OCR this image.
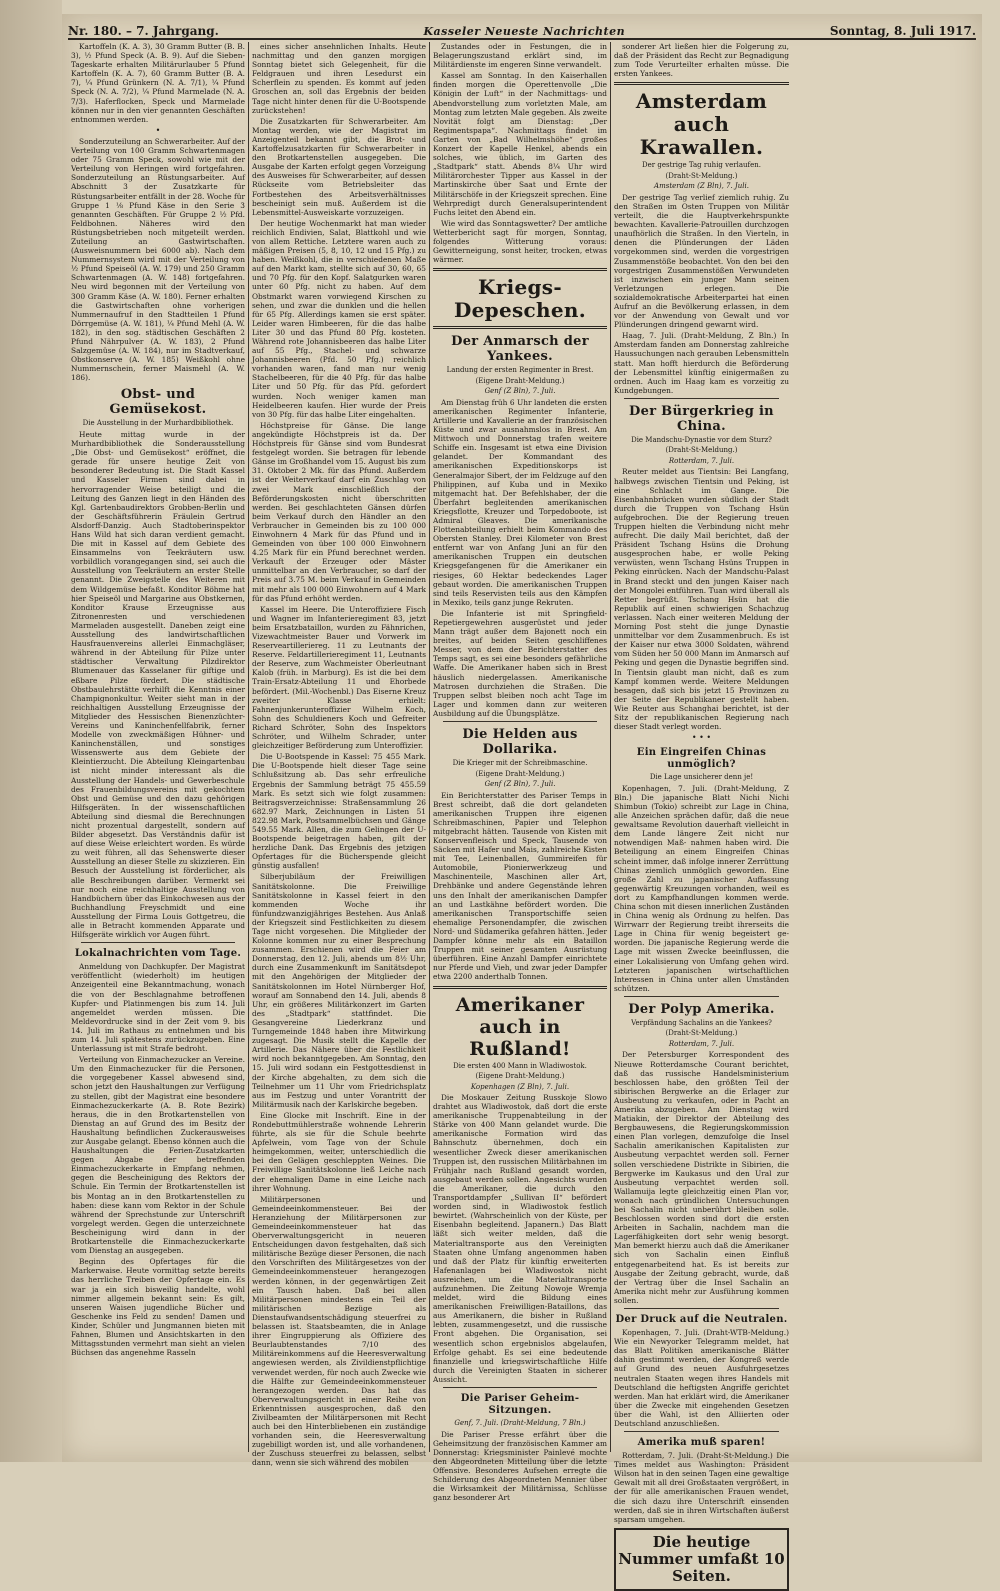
Nr. 180. – 7. Jahrgang.	Kasseler Neueste Nachrichten	Sonntag, 8. Juli 1917.

Kartoffeln (K. A. 3), 30 Gramm Butter (B. B. 3), ½ Pfund Speck (A. B. 9). Auf die Sieben-Tageskarte erhalten Militärurlauber 5 Pfund Kartoffeln (K. A. 7), 60 Gramm Butter (B. A. 7), ¼ Pfund Grünkern (N. A. 7/1), ¼ Pfund Speck (N. A. 7/2), ¼ Pfund Marmelade (N. A. 7/3). Haferflocken, Speck und Marmelade können nur in den vier genannten Geschäften entnommen werden.

•

Sonderzuteilung an Schwerarbeiter. Auf der Verteilung von 100 Gramm Schwartenmagen oder 75 Gramm Speck, sowohl wie mit der Verteilung von Heringen wird fortgefahren. Sonderzuteilung an Rüstungsarbeiter. Auf Abschnitt 3 der Zusatzkarte für Rüstungsarbeiter entfällt in der 28. Woche für Gruppe 1 ⅛ Pfund Käse in den Serie 3 genannten Geschäften. Für Gruppe 2 ½ Pfd. Feldbohnen. Näheres wird den Rüstungsbetrieben noch mitgeteilt werden. Zuteilung an Gastwirtschaften. (Ausweisnummern bei 6000 ab). Nach dem Nummernsystem wird mit der Verteilung von ½ Pfund Speiseöl (A. W. 179) und 250 Gramm Schwartenmagen (A. W. 148) fortgefahren. Neu wird begonnen mit der Verteilung von 300 Gramm Käse (A. W. 180). Ferner erhalten die Gastwirtschaften ohne vorherigen Nummernaufruf in den Stadtteilen 1 Pfund Dörrgemüse (A. W. 181), ¼ Pfund Mehl (A. W. 182), in den sog. städtischen Geschäften 2 Pfund Nährpulver (A. W. 183), 2 Pfund Salzgemüse (A. W. 184), nur im Stadtverkauf, Obstkonserve (A. W. 185) Weißkohl ohne Nummernschein, ferner Maismehl (A. W. 186).

Obst- und Gemüsekost.
Die Ausstellung in der Murhardbibliothek.

Heute mittag wurde in der Murhardbibliothek die Sonderausstellung „Die Obst- und Gemüsekost“ eröffnet, die gerade für unsere heutige Zeit von besonderer Bedeutung ist. Die Stadt Kassel und Kasseler Firmen sind dabei in hervorragender Weise beteiligt und die Leitung des Ganzen liegt in den Händen des Kgl. Gartenbaudirektors Grobben-Berlin und der Geschäftsführerin Fräulein Gertrud Alsdorff-Danzig. Auch Stadtoberinspektor Hans Wild hat sich daran verdient gemacht. Die mit in Kassel auf dem Gebiete des Einsammelns von Teekräutern usw. vorbildlich vorangegangen sind, sei auch die Ausstellung von Teekräutern an erster Stelle genannt. Die Zweigstelle des Weiteren mit dem Wildgemüse befaßt. Konditor Böhme hat hier Speiseöl und Margarine aus Obstkernen, Konditor Krause Erzeugnisse aus Zitronenresten und verschiedenen Marmeladen ausgestellt. Daneben zeigt eine Ausstellung des landwirtschaftlichen Hausfrauenvereins allerlei Einmachgläser, während in der Abteilung für Pilze unter städtischer Verwaltung Pilzdirektor Blumenauer das Kasselaner für giftige und eßbare Pilze fördert. Die städtische Obstbaulehrstätte verhilft die Kenntnis einer Champignonkultur. Weiter sieht man in der reichhaltigen Ausstellung Erzeugnisse der Mitglieder des Hessischen Bienenzüchter-Vereins und Kaninchenfellfabrik, ferner Modelle von zweckmäßigen Hühner- und Kaninchenställen, und sonstiges Wissenswerte aus dem Gebiete der Kleintierzucht. Die Abteilung Kleingartenbau ist nicht minder interessant als die Ausstellung der Handels- und Gewerbeschule des Frauenbildungsvereins mit gekochtem Obst und Gemüse und den dazu gehörigen Hilfsgeräten. In der wissenschaftlichen Abteilung sind diesmal die Berechnungen nicht prozentual dargestellt, sondern auf Bilder abgesetzt. Das Verständnis dafür ist auf diese Weise erleichtert worden. Es würde zu weit führen, all das Sehenswerte dieser Ausstellung an dieser Stelle zu skizzieren. Ein Besuch der Ausstellung ist förderlicher, als alle Beschreibungen darüber. Vermerkt sei nur noch eine reichhaltige Ausstellung von Handbüchern über das Einkochwesen aus der Buchhandlung Freyschmidt und eine Ausstellung der Firma Louis Gottgetreu, die alle in Betracht kommenden Apparate und Hilfsgeräte wirklich vor Augen führt.

Lokalnachrichten vom Tage.

Anmeldung von Dachkupfer. Der Magistrat veröffentlicht (wiederholt) im heutigen Anzeigenteil eine Bekanntmachung, wonach die von der Beschlagnahme betroffenen Kupfer- und Platinmengen bis zum 14. Juli angemeldet werden müssen. Die Meldevordrucke sind in der Zeit vom 9. bis 14. Juli im Rathaus zu entnehmen und bis zum 14. Juli spätestens zurückzugeben. Eine Unterlassung ist mit Strafe bedroht.

Verteilung von Einmachezucker an Vereine. Um den Einmachezucker für die Personen, die vorgegebener Kassel abwesend sind, schon jetzt den Haushaltungen zur Verfügung zu stellen, gibt der Magistrat eine besondere Einmachezuckerkarte (A. B. Rote Bezirk) heraus, die in den Brotkartenstellen von Dienstag an auf Grund des im Besitz der Haushaltung befindlichen Zuckerausweises zur Ausgabe gelangt. Ebenso können auch die Haushaltungen die Ferien-Zusatzkarten gegen Abgabe der betreffenden Einmachezuckerkarte in Empfang nehmen, gegen die Bescheinigung des Rektors der Schule. Ein Termin der Brotkartenstellen ist bis Montag an in den Brotkartenstellen zu haben: diese kann vom Rektor in der Schule während der Sprechstunde zur Unterschrift vorgelegt werden. Gegen die unterzeichnete Bescheinigung wird dann in der Brotkartenstelle die Einmachezuckerkarte vom Dienstag an ausgegeben.

Beginn des Opfertages für die Markerwaise. Heute vormittag setzte bereits das herrliche Treiben der Opfertage ein. Es war ja ein sich bisweilig handelte, wohl nimmer allgemein bekannt sein: Es gilt, unseren Waisen jugendliche Bücher und Geschenke ins Feld zu senden! Damen und Kinder, Schüler und Jungmannen bieten mit Fahnen, Blumen und Ansichtskarten in den Mittagsstunden vermehrt man sieht an vielen Büchsen das angenehme Rasseln

eines sicher ansehnlichen Inhalts. Heute nachmittag und den ganzen morgigen Sonntag bietet sich Gelegenheit, für die Feldgrauen und ihren Lesedurst ein Scherflein zu spenden. Es kommt auf jeden Groschen an, soll das Ergebnis der beiden Tage nicht hinter denen für die U-Bootspende zurückstehen!

Die Zusatzkarten für Schwerarbeiter. Am Montag werden, wie der Magistrat im Anzeigenteil bekannt gibt, die Brot- und Kartoffelzusatzkarten für Schwerarbeiter in den Brotkartenstellen ausgegeben. Die Ausgabe der Karten erfolgt gegen Vorzeigung des Ausweises für Schwerarbeiter, auf dessen Rückseite vom Betriebsleiter das Fortbestehen des Arbeitsverhältnisses bescheinigt sein muß. Außerdem ist die Lebensmittel-Ausweiskarte vorzuzeigen.

Der heutige Wochenmarkt hat man wieder reichlich Endivien, Salat, Blattkohl und wie von allem Rettiche. Letztere waren auch zu mäßigen Preisen (5, 8, 10, 12 und 15 Pfg.) zu haben. Weißkohl, die in verschiedenen Maße auf den Markt kam, stellte sich auf 30, 60, 65 und 70 Pfg. für den Kopf. Salatgurken waren unter 60 Pfg. nicht zu haben. Auf dem Obstmarkt waren vorwiegend Kirschen zu sehen, und zwar die dunklen und die hellen für 65 Pfg. Allerdings kamen sie erst später. Leider waren Himbeeren, für die das halbe Liter 30 und das Pfund 80 Pfg. kosteten. Während rote Johannisbeeren das halbe Liter auf 55 Pfg., Stachel- und schwarze Johannisbeeren (Pfd. 50 Pfg.) reichlich vorhanden waren, fand man nur wenig Stachelbeeren, für die 40 Pfg. für das halbe Liter und 50 Pfg. für das Pfd. gefordert wurden. Noch weniger kamen man Heidelbeeren kaufen. Hier wurde der Preis von 30 Pfg. für das halbe Liter eingehalten.

Höchstpreise für Gänse. Die lange angekündigte Höchstpreis ist da. Der Höchstpreis für Gänse sind vom Bundesrat festgelegt worden. Sie betragen für lebende Gänse im Großhandel vom 15. August bis zum 31. Oktober 2 Mk. für das Pfund. Außerdem ist der Weiterverkauf darf ein Zuschlag von zwei Mark einschließlich der Beförderungskosten nicht überschritten werden. Bei geschlachteten Gänsen dürfen beim Verkauf durch den Händler an den Verbraucher in Gemeinden bis zu 100 000 Einwohnern 4 Mark für das Pfund und in Gemeinden von über 100 000 Einwohnern 4.25 Mark für ein Pfund berechnet werden. Verkauft der Erzeuger oder Mäster unmittelbar an den Verbraucher, so darf der Preis auf 3.75 M. beim Verkauf in Gemeinden mit mehr als 100 000 Einwohnern auf 4 Mark für das Pfund erhöht werden.

Kassel im Heere. Die Unteroffiziere Fisch und Wagner im Infanterieregiment 83, jetzt beim Ersatzbataillon, wurden zu Fähnrichen, Vizewachtmeister Bauer und Vorwerk im Reserveartilleriereg. 11 zu Leutnants der Reserve. Feldartillerieregiment 11, Leutnants der Reserve, zum Wachmeister Oberleutnant Kalob (früh. in Marburg). Es ist die bei dem Train-Ersatz-Abteilung 11 und Ehorbede befördert. (Mil.-Wochenbl.) Das Eiserne Kreuz zweiter Klasse erhielt: Fahnenjunkerunteroffizier Wilhelm Koch, Sohn des Schuldieners Koch und Gefreiter Richard Schröter, Sohn des Inspektors Schröter, und Wilhelm Schrader, unter gleichzeitiger Beförderung zum Unteroffizier.

Die U-Bootspende in Kassel: 75 455 Mark. Die U-Bootspende hielt dieser Tage seine Schlußsitzung ab. Das sehr erfreuliche Ergebnis der Sammlung beträgt 75 455.59 Mark. Es setzt sich wie folgt zusammen: Beitragsverzeichnisse: Straßensammlung 26 682.97 Mark, Zeichnungen in Listen 51 822.98 Mark, Postsammelbüchsen und Gänge 549.55 Mark. Allen, die zum Gelingen der U-Bootspende beigetragen haben, gilt der herzliche Dank. Das Ergebnis des jetzigen Opfertages für die Bücherspende gleicht günstig ausfallen!

Silberjubiläum der Freiwilligen Sanitätskolonne. Die Freiwillige Sanitätskolonne in Kassel feiert in den kommenden Woche ihr fünfundzwanzigjähriges Bestehen. Aus Anlaß der Kriegszeit sind Festlichkeiten zu diesem Tage nicht vorgesehen. Die Mitglieder der Kolonne kommen nur zu einer Besprechung zusammen. Erschienen wird die Feier am Donnerstag, den 12. Juli, abends um 8½ Uhr, durch eine Zusammenkunft im Sanitätsdepot mit den Angehörigen der Mitglieder der Sanitätskolonnen im Hotel Nürnberger Hof, worauf am Sonnabend den 14. Juli, abends 8 Uhr, ein größeres Militärkonzert im Garten des „Stadtpark“ stattfindet. Die Gesangvereine Liederkranz und Turngemeinde 1848 haben ihre Mitwirkung zugesagt. Die Musik stellt die Kapelle der Artillerie. Das Nähere über die Festlichkeit wird noch bekanntgegeben. Am Sonntag, den 15. Juli wird sodann ein Festgottesdienst in der Kirche abgehalten, zu dem sich die Teilnehmer um 11 Uhr vom Friedrichsplatz aus im Festzug und unter Vorantritt der Militärmusik nach der Karlskirche begeben.

Eine Glocke mit Inschrift. Eine in der Rondebuttmühlerstraße wohnende Lehrerin führte, als sie für die Schule beehrte Apfelwein, vom Tage von der Schule heimgekommen, weiter, unterschiedlich die bei den Gelägen geschleppten Weines. Die Freiwillige Sanitätskolonne ließ Leiche nach der ehemaligen Dame in eine Leiche nach ihrer Wohnung.

Militärpersonen und Gemeindeeinkommensteuer. Bei der Heranziehung der Militärpersonen zur Gemeindeeinkommensteuer hat das Oberverwaltungsgericht in neueren Entscheidungen davon festgehalten, daß sich militärische Bezüge dieser Personen, die nach den Vorschriften des Militärgesetzes von der Gemeindeeinkommensteuer herangezogen werden können, in der gegenwärtigen Zeit ein Tausch haben. Daß bei allen Militärpersonen mindestens ein Teil der militärischen Bezüge als Dienstaufwandsentschädigung steuerfrei zu belassen ist. Staatsbeamten, die in Anlage ihrer Eingruppierung als Offiziere des Beurlaubtenstandes 7/10 des Militäreinkommens auf die Heeresverwaltung angewiesen werden, als Zivildienstpflichtige verwendet werden, für noch auch Zwecke wie die Hälfte zur Gemeindeeinkommensteuer herangezogen werden. Das hat das Oberverwaltungsgericht in einer Reihe von Erkenntnissen ausgesprochen, daß den Zivilbeamten der Militärpersonen mit Recht auch bei den Hinterbliebenen ein zuständige vorhanden sein, die Heeresverwaltung zugebilligt worden ist, und alle vorhandenen, der Zuschuss steuerfrei zu belassen, selbst dann, wenn sie sich während des mobilen

Zustandes oder in Festungen, die in Belagerungszustand erklärt sind, im Militärdienste im engeren Sinne verwandelt.

Kassel am Sonntag. In den Kaiserhallen finden morgen die Operettenvolle „Die Königin der Luft“ in der Nachmittags- und Abendvorstellung zum vorletzten Male, am Montag zum letzten Male gegeben. Als zweite Novität folgt am Dienstag: „Der Regimentspapa“. Nachmittags findet im Garten von „Bad Wilhelmshöhe“ großes Konzert der Kapelle Henkel, abends ein solches, wie üblich, im Garten des „Stadtpark“ statt. Abends 8¼ Uhr wird Militärorchester Tipper aus Kassel in der Martinskirche über Saat und Ernte der Militärschöfe in der Kriegszeit sprechen. Eine Wehrpredigt durch Generalsuperintendent Fuchs leitet den Abend ein.

Wie wird das Sonntagswetter? Der amtliche Wetterbericht sagt für morgen, Sonntag, folgendes Witterung voraus: Gewitterneigung, sonst heiter, trocken, etwas wärmer.

Kriegs-Depeschen.
Der Anmarsch der Yankees.
Landung der ersten Regimenter in Brest.
(Eigene Draht-Meldung.)
Genf (Z Bln), 7. Juli.

Am Dienstag früh 6 Uhr landeten die ersten amerikanischen Regimenter Infanterie, Artillerie und Kavallerie an der französischen Küste und zwar ausnahmslos in Brest. Am Mittwoch und Donnerstag trafen weitere Schiffe ein. Insgesamt ist etwa eine Division gelandet. Der Kommandant des amerikanischen Expeditionskorps ist Generalmajor Sibert, der im Feldzuge auf den Philippinen, auf Kuba und in Mexiko mitgemacht hat. Der Befehlshaber, der die Überfahrt begleitenden amerikanischen Kriegsflotte, Kreuzer und Torpedoboote, ist Admiral Gleaves. Die amerikanische Flottenabteilung erhielt beim Kommando des Obersten Stanley. Drei Kilometer von Brest entfernt war von Anfang Juni an für den amerikanischen Truppen ein deutschen Kriegsgefangenen für die Amerikaner ein riesiges, 60 Hektar bedeckendes Lager gebaut worden. Die amerikanischen Truppen sind teils Reservisten teils aus den Kämpfen in Mexiko, teils ganz junge Rekruten.

Die Infanterie ist mit Springfield-Repetiergewehren ausgerüstet und jeder Mann trägt außer dem Bajonett noch ein breites, auf beiden Seiten geschliffenes Messer, von dem der Berichterstatter des Temps sagt, es sei eine besonders gefährliche Waffe. Die Amerikaner haben sich in Brest häuslich niedergelassen. Amerikanische Matrosen durchziehen die Straßen. Die Truppen selbst bleiben noch acht Tage im Lager und kommen dann zur weiteren Ausbildung auf die Übungsplätze.

Die Helden aus Dollarika.
Die Krieger mit der Schreibmaschine.
(Eigene Draht-Meldung.)
Genf (Z Bln), 7. Juli.

Ein Berichterstatter des Pariser Temps in Brest schreibt, daß die dort gelandeten amerikanischen Truppen ihre eigenen Schreibmaschinen, Papier und Telephon mitgebracht hätten. Tausende von Kisten mit Konservenfleisch und Speck, Tausende von Säcken mit Hafer und Mais, zahlreiche Kisten mit Tee, Leinenballen, Gummireifen für Automobile, Pionierwerkzeug und Maschinenteile, Maschinen aller Art, Drehbänke und andere Gegenstände lehren uns den Inhalt der amerikanischen Dampfer an und Lastkähne befördert worden. Die amerikanischen Transportschiffe seien ehemalige Personendampfer, die zwischen Nord- und Südamerika gefahren hätten. Jeder Dampfer könne mehr als ein Bataillon Truppen mit seiner gesamten Ausrüstung überführen. Eine Anzahl Dampfer einrichtete nur Pferde und Vieh, und zwar jeder Dampfer etwa 2200 anderthalb Tonnen.

Amerikaner auch in Rußland!
Die ersten 400 Mann in Wladiwostok.
(Eigene Draht-Meldung.)
Kopenhagen (Z Bln), 7. Juli.

Die Moskauer Zeitung Russkoje Slowo drahtet aus Wladiwostok, daß dort die erste amerikanische Truppenabteilung in der Stärke von 400 Mann gelandet wurde. Die amerikanische Formation wird das Bahnschutz übernehmen, doch ein wesentlicher Zweck dieser amerikanischen Truppen ist, den russischen Militärbahnen im Frühjahr nach Rußland gesandt worden, ausgebaut werden sollen. Angesichts wurden die Amerikaner, die durch den Transportdampfer „Sullivan II“ befördert worden sind, in Wladiwostok festlich bewirtet. (Wahrscheinlich von der Küste, per Eisenbahn begleitend. Japanern.) Das Blatt läßt sich weiter melden, daß die Materialtransporte aus den Vereinigten Staaten ohne Umfang angenommen haben und daß der Platz für künftig erweiterten Hafenanlagen bei Wladiwostok nicht ausreichen, um die Materialtransporte aufzunehmen. Die Zeitung Nowoje Wremja meldet, wird die Bildung eines amerikanischen Freiwilligen-Bataillons, das aus Amerikanern, die bisher in Rußland lebten, zusammengesetzt, und die russische Front abgehen. Die Organisation, sei wesentlich schon ergebnislos abgelaufen, Erfolge gehabt. Es sei eine bedeutende finanzielle und kriegswirtschaftliche Hilfe durch die Vereinigten Staaten in sicherer Aussicht.

Die Pariser Geheim-Sitzungen.
Genf, 7. Juli. (Draht-Meldung, 7 Bln.)

Die Pariser Presse erfährt über die Geheimsitzung der französischen Kammer am Donnerstag: Kriegsminister Painlevé mochte den Abgeordneten Mitteilung über die letzte Offensive. Besonderes Aufsehen erregte die Schilderung des Abgeordneten Mennier über die Wirksamkeit der Militärnissa, Schlüsse ganz besonderer Art

sonderer Art ließen hier die Folgerung zu, daß der Präsident das Recht zur Begnadigung zum Tode Verurteilter erhalten müsse. Die ersten Yankees.

Amsterdam auch Krawallen.
Der gestrige Tag ruhig verlaufen.
(Draht-St-Meldung.)
Amsterdam (Z Bln), 7. Juli.

Der gestrige Tag verlief ziemlich ruhig. Zu den Straßen im Osten Truppen von Militär verteilt, die die Hauptverkehrspunkte bewachten. Kavallerie-Patrouillen durchzogen unaufhörlich die Straßen. In den Vierteln, in denen die Plünderungen der Läden vorgekommen sind, werden die vorgestrigen Zusammenstöße beobachtet. Von den bei den vorgestrigen Zusammenstößen Verwundeten ist inzwischen ein junger Mann seinen Verletzungen erlegen. Die sozialdemokratische Arbeiterpartei hat einen Aufruf an die Bevölkerung erlassen, in dem vor der Anwendung von Gewalt und vor Plünderungen dringend gewarnt wird.

Haag, 7. Juli. (Draht-Meldung, Z Bln.) In Amsterdam fanden am Donnerstag zahlreiche Haussuchungen nach gerauben Lebensmitteln statt. Man hofft hierdurch die Beförderung der Lebensmittel künftig einigermaßen zu ordnen. Auch im Haag kam es vorzeitig zu Kundgebungen.

Der Bürgerkrieg in China.
Die Mandschu-Dynastie vor dem Sturz?
(Draht-St-Meldung.)
Rotterdam, 7. Juli.

Reuter meldet aus Tientsin: Bei Langfang, halbwegs zwischen Tientsin und Peking, ist eine Schlacht im Gange. Die Eisenbahnbrücken wurden südlich der Stadt durch die Truppen von Tschang Hsün aufgebrochen. Die der Regierung treuen Truppen hielten die Verbindung nicht mehr aufrecht. Die daily Mail berichtet, daß der Präsident Tschang Hsüns die Drohung ausgesprochen habe, er wolle Peking verwüsten, wenn Tschang Hsüns Truppen in Peking einrücken. Nach der Mandschu-Palast in Brand steckt und den jungen Kaiser nach der Mongolei entführen. Tuan wird überall als Retter begrüßt. Tschang Hsün hat die Republik auf einen schwierigen Schachzug verlassen. Nach einer weiteren Meldung der Morning Post steht die junge Dynastie unmittelbar vor dem Zusammenbruch. Es ist der Kaiser nur etwa 3000 Soldaten, während vom Süden her 50 000 Mann im Anmarsch auf Peking und gegen die Dynastie begriffen sind. In Tientsin glaubt man nicht, daß es zum Kampf kommen werde. Weitere Meldungen besagen, daß sich bis jetzt 15 Provinzen zu der Seite der Republikaner gestellt haben. Wie Reuter aus Schanghai berichtet, ist der Sitz der republikanischen Regierung nach dieser Stadt verlegt worden.

• • •
Ein Eingreifen Chinas unmöglich?
Die Lage unsicherer denn je!

Kopenhagen, 7. Juli. (Draht-Meldung, Z Bln.) Die japanische Blatt Nichi Nichi Shimbun (Tokio) schreibt zur Lage in China, alle Anzeichen sprächen dafür, daß die neue gewaltsame Revolution dauerhaft vielleicht in dem Lande längere Zeit nicht nur notwendigen Maß- nahmen haben wird. Die Beteiligung an einem Eingreifen Chinas scheint immer, daß infolge innerer Zerrüttung Chinas ziemlich unmöglich geworden. Eine große Zahl zu japanischer Auffassung gegenwärtig Kreuzungen vorhanden, weil es dort zu Kampfhandlungen kommen werde. China schon mit diesen innerlichen Zuständen in China wenig als Ordnung zu helfen. Das Wirrwarr der Regierung treibt ihrerseits die Lage in China für wenig begeistert ge- worden. Die japanische Regierung werde die Lage mit wissen Zwecke beeinflussen, die einer Lokalisierung von Umfang gehen wird. Letzteren japanischen wirtschaftlichen Interessen in China unter allen Umständen schützen.

Der Polyp Amerika.
Verpfändung Sachalins an die Yankees?
(Draht-St-Meldung.)
Rotterdam, 7. Juli.

Der Petersburger Korrespondent des Nieuwe Rotterdamsche Courant berichtet, daß das russische Handelsministerium beschlossen habe, den größten Teil der sibirischen Bergwerke an die Erlager zur Ausbeutung zu verkaufen, oder in Pacht an Amerika abzugeben. Am Dienstag wird Matiakin, der Direktor der Abteilung des Bergbauwesens, die Regierungskommission einen Plan vorlegen, demzufolge die Insel Sachalin amerikanischen Kapitalisten zur Ausbeutung verpachtet werden soll. Ferner sollen verschiedene Distrikte in Sibirien, die Bergwerke im Kaukasus und den Ural zur Ausbeutung verpachtet werden soll. Wallamuija legte gleichzeitig einen Plan vor, wonach nach gründlichen Untersuchungen bei Sachalin nicht unberührt bleiben solle. Beschlossen worden sind dort die ersten Arbeiten in Sachalin, nachdem man die Lagerfähigkeiten dort sehr wenig besorgt. Man bemerkt hierzu auch daß die Amerikaner sich von Sachalin einen Einfluß entgegenarbeitend hat. Es ist bereits zur Ausgabe der Zeitung gebracht, wurde, daß der Vertrag über die Insel Sachalin an Amerika nicht mehr zur Ausführung kommen sollen.

Der Druck auf die Neutralen.

Kopenhagen, 7. Juli. (Draht-WTB-Meldung.) Wie ein Newyorker Telegramm meldet, hat das Blatt Politiken amerikanische Blätter dahin gestimmt werden, der Kongreß werde auf Grund des neuen Ausfuhrgesetzes neutralen Staaten wegen ihres Handels mit Deutschland die heftigsten Angriffe gerichtet werden. Man hat erklärt wird, die Amerikaner über die Zwecke mit eingehenden Gesetzen über die Wahl, ist den Alliierten oder Deutschland anzuschließen.

Amerika muß sparen!

Rotterdam, 7. Juli. (Draht-St-Meldung.) Die Times meldet aus Washington: Präsident Wilson hat in den seinen Tagen eine gewaltige Gewalt mit all drei Großstaaten vergrößert, in der für alle amerikanischen Frauen wendet, die sich dazu ihre Unterschrift einsenden werden, daß sie in ihren Wirtschaften äußerst sparsam umgehen.

Die heutige Nummer umfaßt 10 Seiten.
